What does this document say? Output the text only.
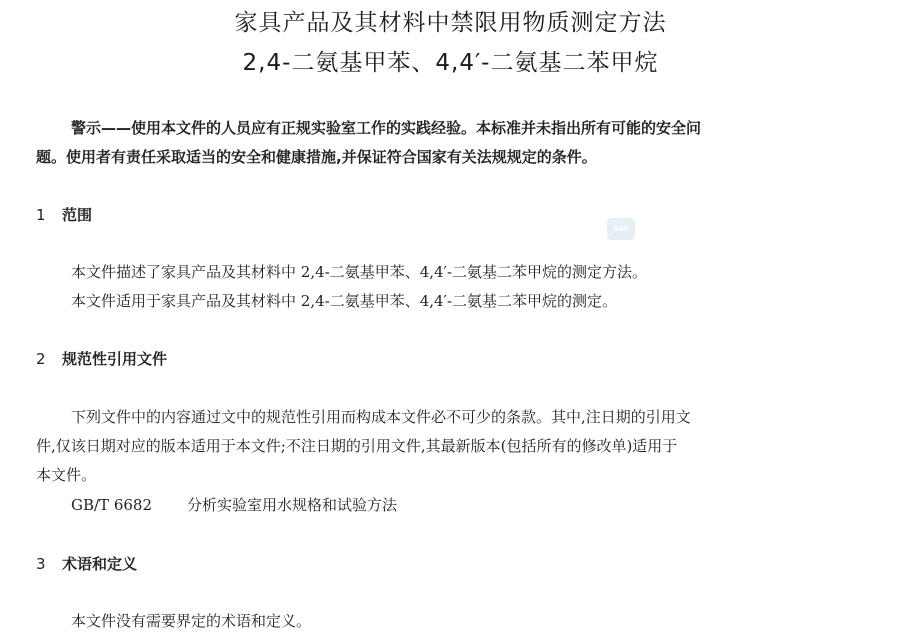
家具产品及其材料中禁限用物质测定方法
2,4-二氨基甲苯、4,4′-二氨基二苯甲烷
警示——使用本文件的人员应有正规实验室工作的实践经验。本标准并未指出所有可能的安全问
题。使用者有责任采取适当的安全和健康措施,并保证符合国家有关法规规定的条件。
SAC
1 范围
本文件描述了家具产品及其材料中 2,4-二氨基甲苯、4,4′-二氨基二苯甲烷的测定方法。
本文件适用于家具产品及其材料中 2,4-二氨基甲苯、4,4′-二氨基二苯甲烷的测定。
2 规范性引用文件
下列文件中的内容通过文中的规范性引用而构成本文件必不可少的条款。其中,注日期的引用文
件,仅该日期对应的版本适用于本文件;不注日期的引用文件,其最新版本(包括所有的修改单)适用于
本文件。
GB/T 6682 分析实验室用水规格和试验方法
3 术语和定义
本文件没有需要界定的术语和定义。
